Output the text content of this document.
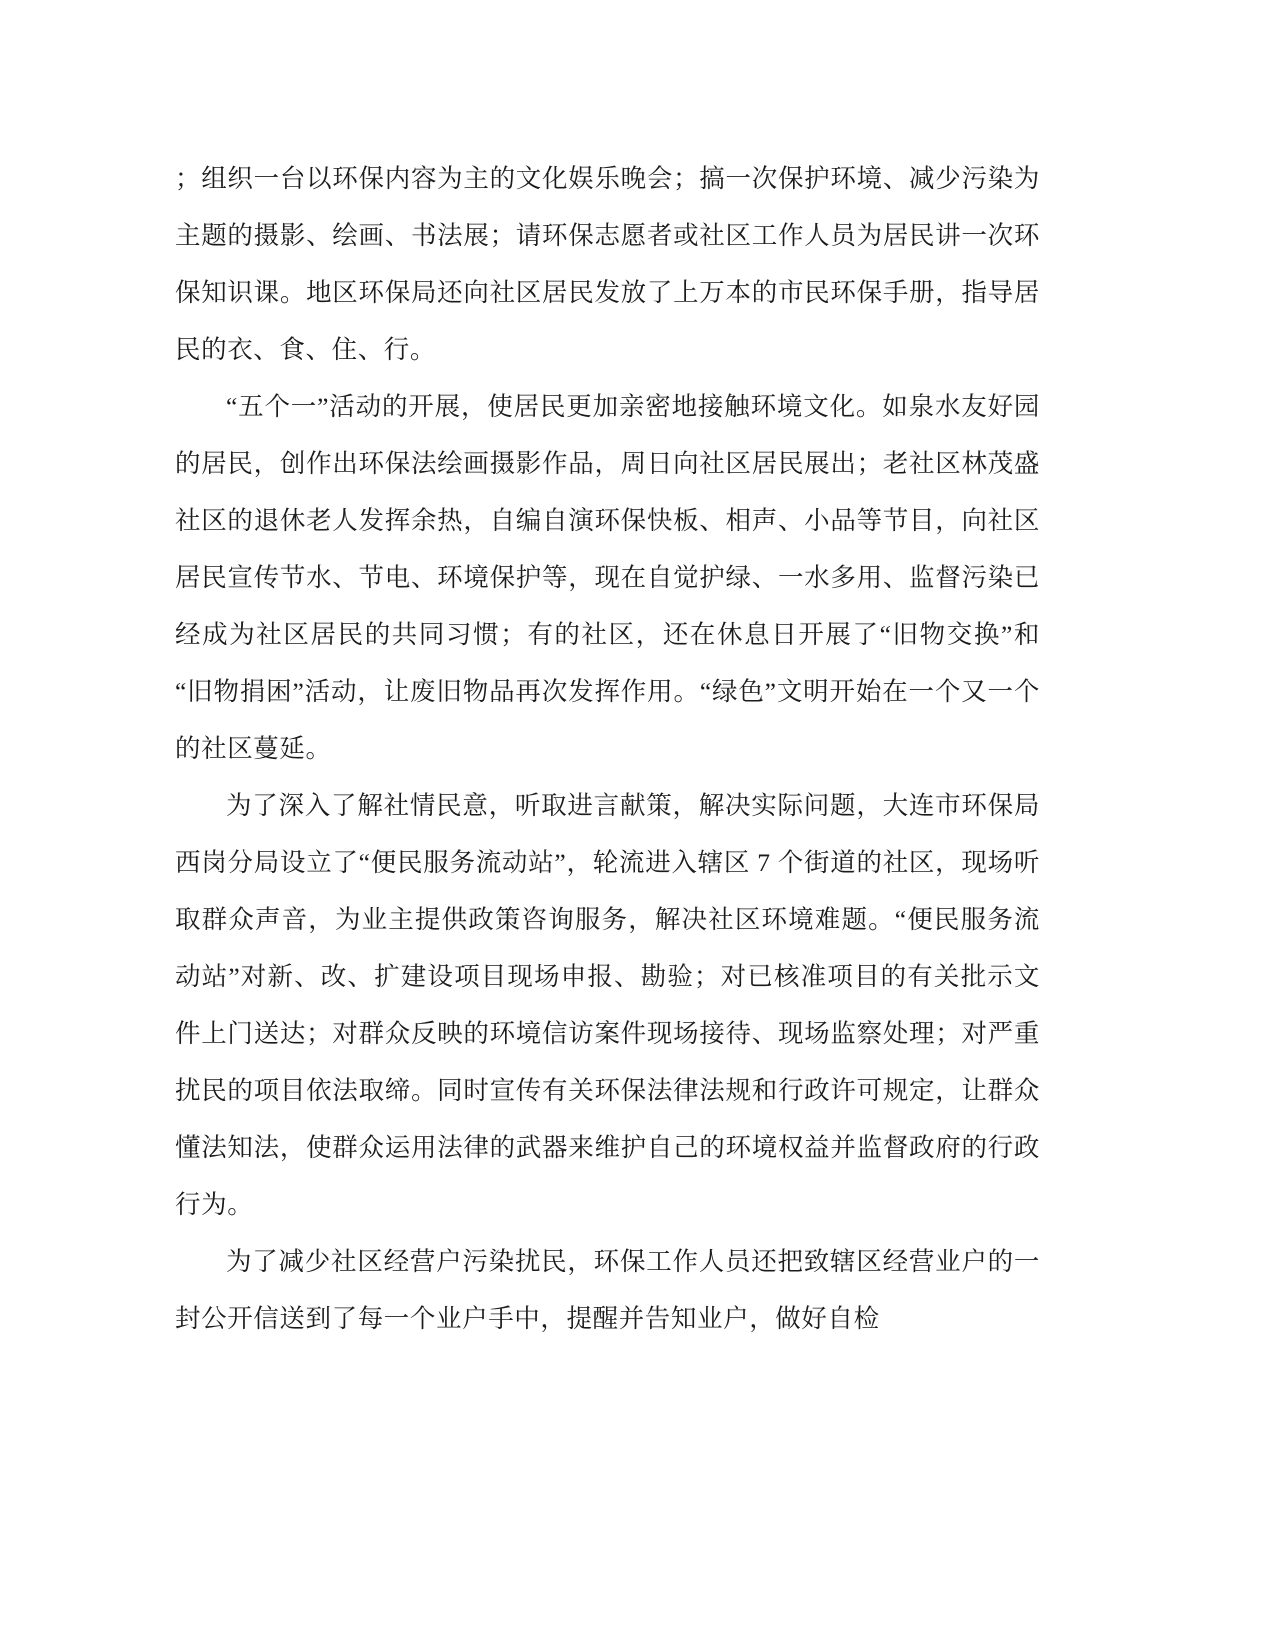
；组织一台以环保内容为主的文化娱乐晚会；搞一次保护环境、减少污染为主题的摄影、绘画、书法展；请环保志愿者或社区工作人员为居民讲一次环保知识课。地区环保局还向社区居民发放了上万本的市民环保手册，指导居民的衣、食、住、行。

“五个一”活动的开展，使居民更加亲密地接触环境文化。如泉水友好园的居民，创作出环保法绘画摄影作品，周日向社区居民展出；老社区林茂盛社区的退休老人发挥余热，自编自演环保快板、相声、小品等节目，向社区居民宣传节水、节电、环境保护等，现在自觉护绿、一水多用、监督污染已经成为社区居民的共同习惯；有的社区，还在休息日开展了“旧物交换”和“旧物捐困”活动，让废旧物品再次发挥作用。“绿色”文明开始在一个又一个的社区蔓延。

为了深入了解社情民意，听取进言献策，解决实际问题，大连市环保局西岗分局设立了“便民服务流动站”，轮流进入辖区 7 个街道的社区，现场听取群众声音，为业主提供政策咨询服务，解决社区环境难题。“便民服务流动站”对新、改、扩建设项目现场申报、勘验；对已核准项目的有关批示文件上门送达；对群众反映的环境信访案件现场接待、现场监察处理；对严重扰民的项目依法取缔。同时宣传有关环保法律法规和行政许可规定，让群众懂法知法，使群众运用法律的武器来维护自己的环境权益并监督政府的行政行为。

为了减少社区经营户污染扰民，环保工作人员还把致辖区经营业户的一封公开信送到了每一个业户手中，提醒并告知业户，做好自检
